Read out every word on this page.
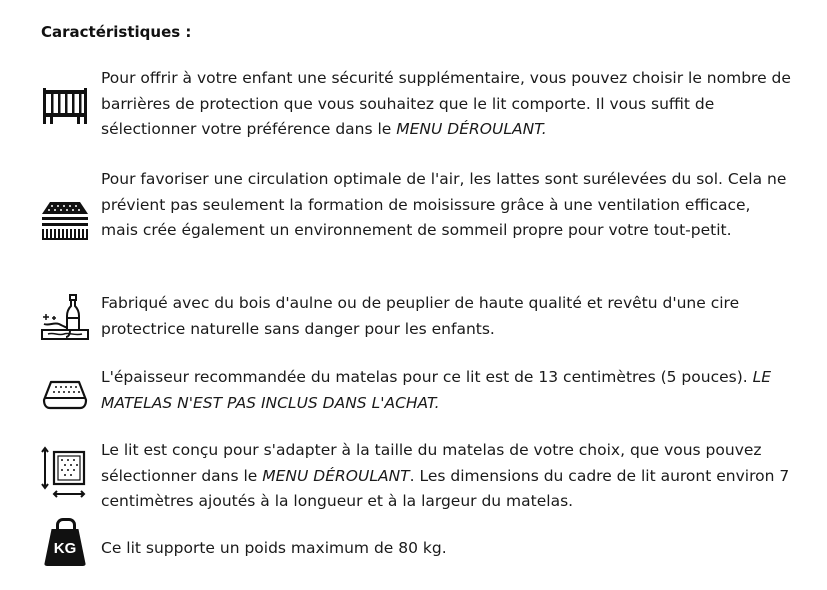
Caractéristiques :
Pour offrir à votre enfant une sécurité supplémentaire, vous pouvez choisir le nombre de barrières de protection que vous souhaitez que le lit comporte. Il vous suffit de sélectionner votre préférence dans le MENU DÉROULANT.
Pour favoriser une circulation optimale de l'air, les lattes sont surélevées du sol. Cela ne prévient pas seulement la formation de moisissure grâce à une ventilation efficace, mais crée également un environnement de sommeil propre pour votre tout-petit.
Fabriqué avec du bois d'aulne ou de peuplier de haute qualité et revêtu d'une cire protectrice naturelle sans danger pour les enfants.
L'épaisseur recommandée du matelas pour ce lit est de 13 centimètres (5 pouces). LE MATELAS N'EST PAS INCLUS DANS L'ACHAT.
Le lit est conçu pour s'adapter à la taille du matelas de votre choix, que vous pouvez sélectionner dans le MENU DÉROULANT. Les dimensions du cadre de lit auront environ 7 centimètres ajoutés à la longueur et à la largeur du matelas.
KG	Ce lit supporte un poids maximum de 80 kg.
